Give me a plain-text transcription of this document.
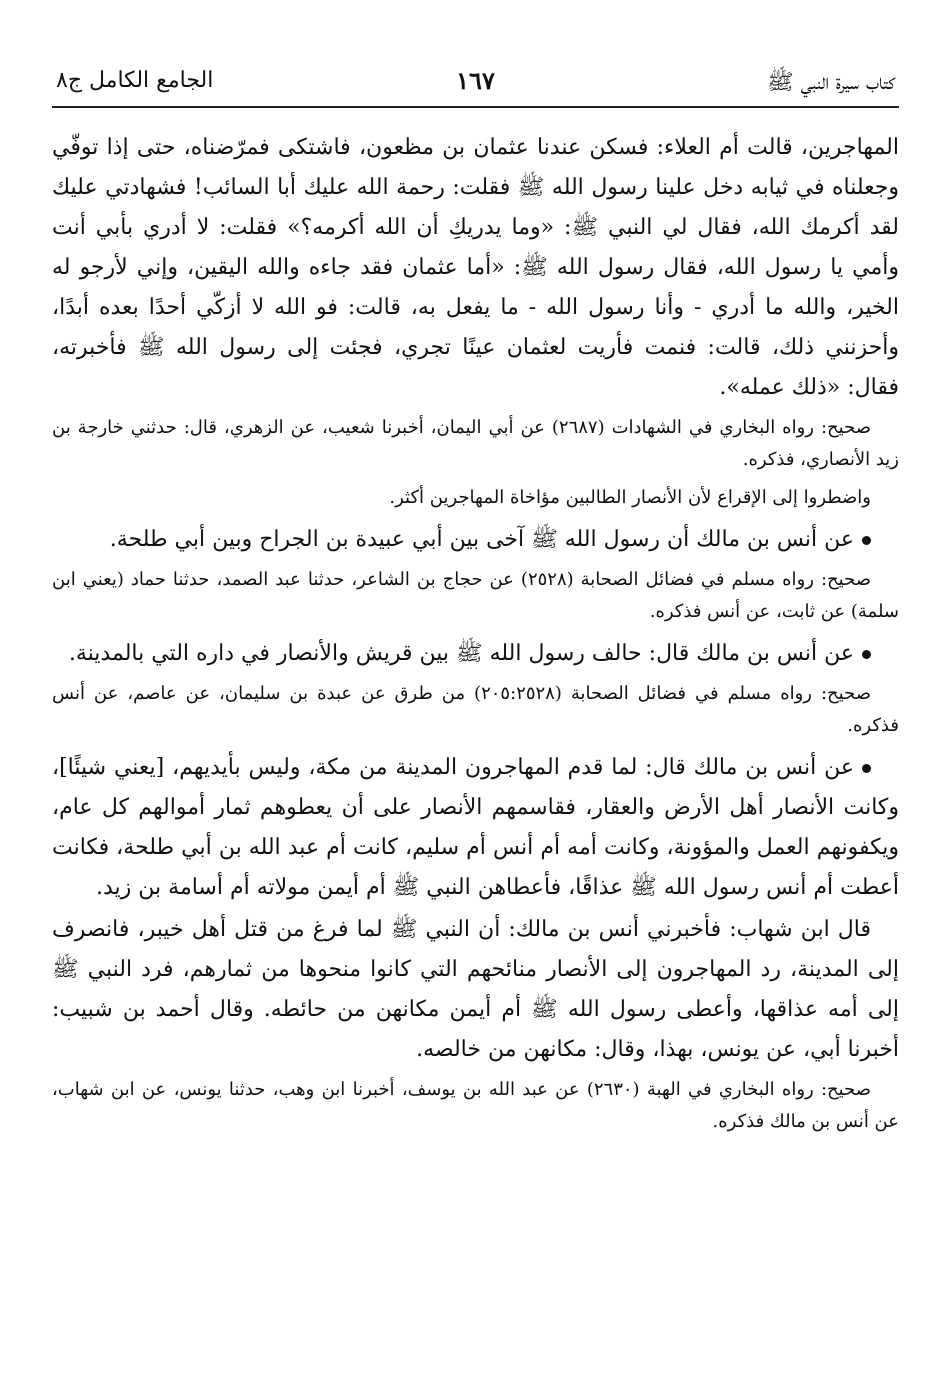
كتاب سيرة النبي ﷺ
١٦٧
الجامع الكامل ج٨

المهاجرين، قالت أم العلاء: فسكن عندنا عثمان بن مظعون، فاشتكى فمرّضناه، حتى إذا توفّي وجعلناه في ثيابه دخل علينا رسول الله ﷺ فقلت: رحمة الله عليك أبا السائب! فشهادتي عليك لقد أكرمك الله، فقال لي النبي ﷺ: «وما يدريكِ أن الله أكرمه؟» فقلت: لا أدري بأبي أنت وأمي يا رسول الله، فقال رسول الله ﷺ: «أما عثمان فقد جاءه والله اليقين، وإني لأرجو له الخير، والله ما أدري - وأنا رسول الله - ما يفعل به، قالت: فو الله لا أزكّي أحدًا بعده أبدًا، وأحزنني ذلك، قالت: فنمت فأريت لعثمان عينًا تجري، فجئت إلى رسول الله ﷺ فأخبرته، فقال: «ذلك عمله».

صحيح: رواه البخاري في الشهادات (٢٦٨٧) عن أبي اليمان، أخبرنا شعيب، عن الزهري، قال: حدثني خارجة بن زيد الأنصاري، فذكره.

واضطروا إلى الإقراع لأن الأنصار الطالبين مؤاخاة المهاجرين أكثر.

عن أنس بن مالك أن رسول الله ﷺ آخى بين أبي عبيدة بن الجراح وبين أبي طلحة.

صحيح: رواه مسلم في فضائل الصحابة (٢٥٢٨) عن حجاج بن الشاعر، حدثنا عبد الصمد، حدثنا حماد (يعني ابن سلمة) عن ثابت، عن أنس فذكره.

عن أنس بن مالك قال: حالف رسول الله ﷺ بين قريش والأنصار في داره التي بالمدينة.

صحيح: رواه مسلم في فضائل الصحابة (٢٠٥:٢٥٢٨) من طرق عن عبدة بن سليمان، عن عاصم، عن أنس فذكره.

عن أنس بن مالك قال: لما قدم المهاجرون المدينة من مكة، وليس بأيديهم، [يعني شيئًا]، وكانت الأنصار أهل الأرض والعقار، فقاسمهم الأنصار على أن يعطوهم ثمار أموالهم كل عام، ويكفونهم العمل والمؤونة، وكانت أمه أم أنس أم سليم، كانت أم عبد الله بن أبي طلحة، فكانت أعطت أم أنس رسول الله ﷺ عذاقًا، فأعطاهن النبي ﷺ أم أيمن مولاته أم أسامة بن زيد.

قال ابن شهاب: فأخبرني أنس بن مالك: أن النبي ﷺ لما فرغ من قتل أهل خيبر، فانصرف إلى المدينة، رد المهاجرون إلى الأنصار منائحهم التي كانوا منحوها من ثمارهم، فرد النبي ﷺ إلى أمه عذاقها، وأعطى رسول الله ﷺ أم أيمن مكانهن من حائطه. وقال أحمد بن شبيب: أخبرنا أبي، عن يونس، بهذا، وقال: مكانهن من خالصه.

صحيح: رواه البخاري في الهبة (٢٦٣٠) عن عبد الله بن يوسف، أخبرنا ابن وهب، حدثنا يونس، عن ابن شهاب، عن أنس بن مالك فذكره.
